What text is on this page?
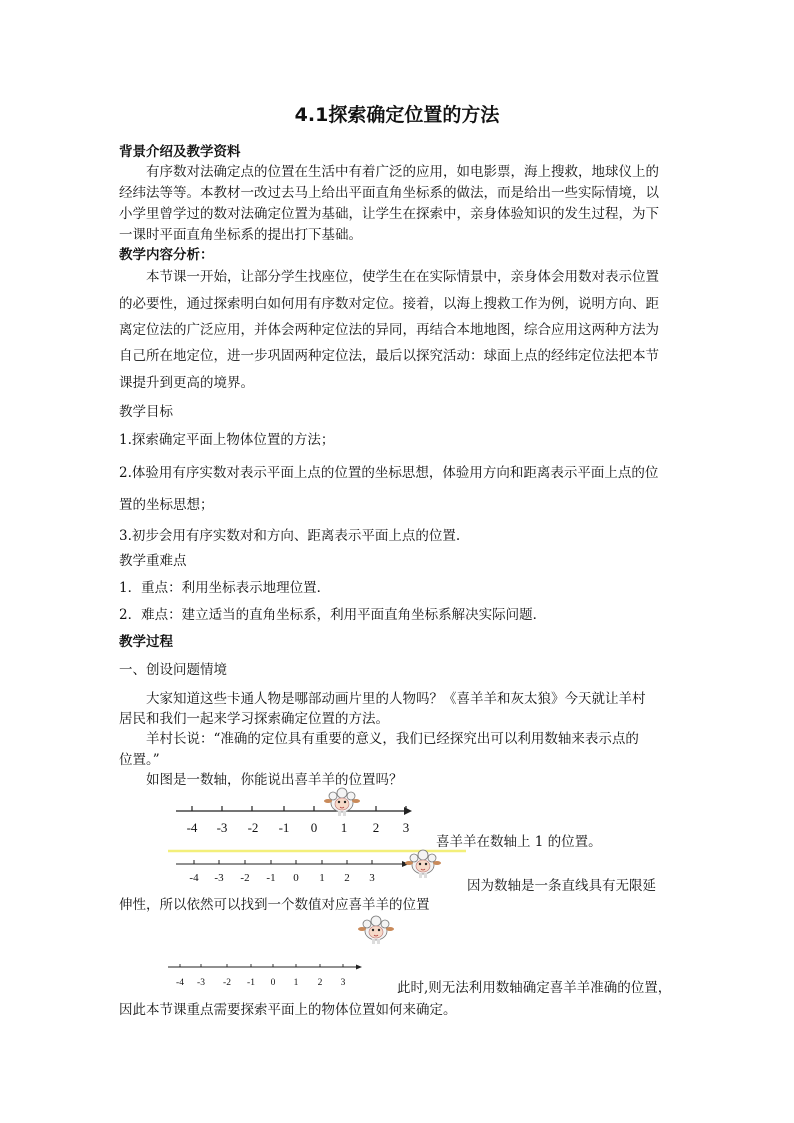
4.1探索确定位置的方法
背景介绍及教学资料
有序数对法确定点的位置在生活中有着广泛的应用，如电影票，海上搜救，地球仪上的
经纬法等等。本教材一改过去马上给出平面直角坐标系的做法，而是给出一些实际情境，以
小学里曾学过的数对法确定位置为基础，让学生在探索中，亲身体验知识的发生过程，为下
一课时平面直角坐标系的提出打下基础。
教学内容分析：
本节课一开始，让部分学生找座位，使学生在在实际情景中，亲身体会用数对表示位置
的必要性，通过探索明白如何用有序数对定位。接着，以海上搜救工作为例，说明方向、距
离定位法的广泛应用，并体会两种定位法的异同，再结合本地地图，综合应用这两种方法为
自己所在地定位，进一步巩固两种定位法，最后以探究活动：球面上点的经纬定位法把本节
课提升到更高的境界。
教学目标
1.探索确定平面上物体位置的方法；
2.体验用有序实数对表示平面上点的位置的坐标思想，体验用方向和距离表示平面上点的位
置的坐标思想；
3.初步会用有序实数对和方向、距离表示平面上点的位置.
教学重难点
1．重点：利用坐标表示地理位置．
2．难点：建立适当的直角坐标系，利用平面直角坐标系解决实际问题．
教学过程
一、创设问题情境
大家知道这些卡通人物是哪部动画片里的人物吗？《喜羊羊和灰太狼》今天就让羊村
居民和我们一起来学习探索确定位置的方法。
羊村长说：“准确的定位具有重要的意义，我们已经探究出可以利用数轴来表示点的
位置。”
如图是一数轴，你能说出喜羊羊的位置吗？
喜羊羊在数轴上 1 的位置。
因为数轴是一条直线具有无限延
伸性，所以依然可以找到一个数值对应喜羊羊的位置
此时,则无法利用数轴确定喜羊羊准确的位置，
因此本节课重点需要探索平面上的物体位置如何来确定。
-4 -3 -2 -1 0 1 2 3
-4 -3 -2 -1 0 1 2 3
-4 -3 -2 -1 0 1 2 3
